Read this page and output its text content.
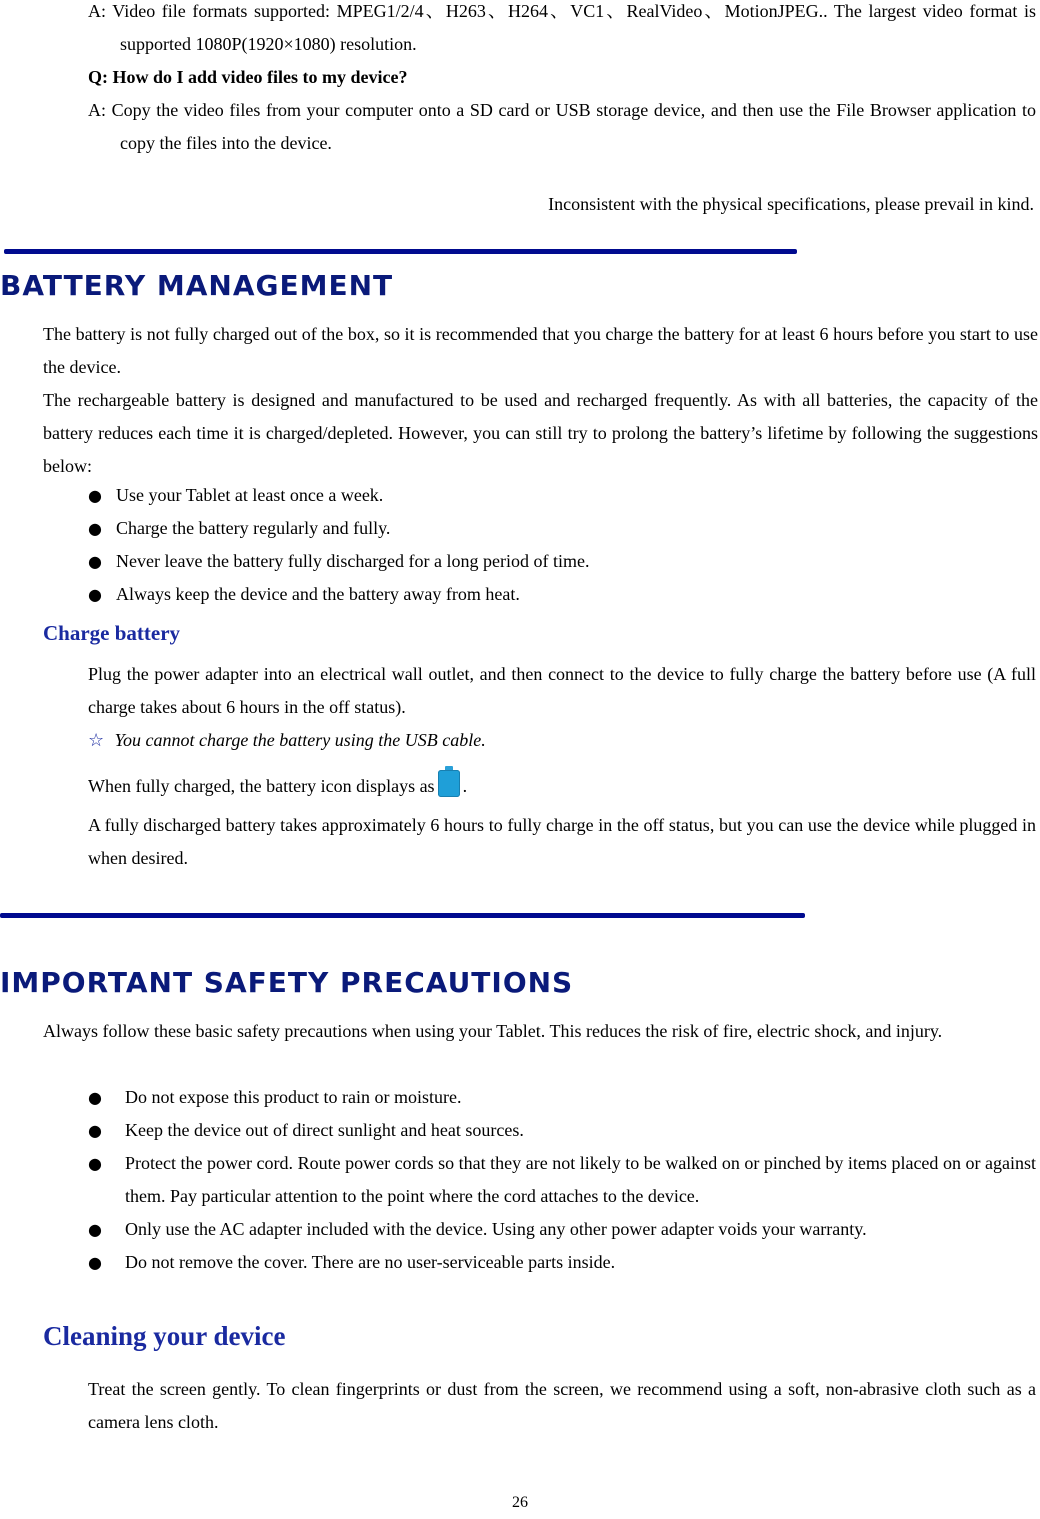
A: Video file formats supported: MPEG1/2/4、H263、H264、VC1、RealVideo、MotionJPEG.. The largest video format is supported 1080P(1920×1080) resolution.

Q: How do I add video files to my device?

A: Copy the video files from your computer onto a SD card or USB storage device, and then use the File Browser application to copy the files into the device.

Inconsistent with the physical specifications, please prevail in kind.
BATTERY MANAGEMENT

The battery is not fully charged out of the box, so it is recommended that you charge the battery for at least 6 hours before you start to use the device.

The rechargeable battery is designed and manufactured to be used and recharged frequently. As with all batteries, the capacity of the battery reduces each time it is charged/depleted. However, you can still try to prolong the battery’s lifetime by following the suggestions below:

● Use your Tablet at least once a week.
● Charge the battery regularly and fully.
● Never leave the battery fully discharged for a long period of time.
● Always keep the device and the battery away from heat.
Charge battery

Plug the power adapter into an electrical wall outlet, and then connect to the device to fully charge the battery before use (A full charge takes about 6 hours in the off status).

☆ You cannot charge the battery using the USB cable.

When fully charged, the battery icon displays as .

A fully discharged battery takes approximately 6 hours to fully charge in the off status, but you can use the device while plugged in when desired.

IMPORTANT SAFETY PRECAUTIONS
Always follow these basic safety precautions when using your Tablet. This reduces the risk of fire, electric shock, and injury.
● Do not expose this product to rain or moisture.
● Keep the device out of direct sunlight and heat sources.
● Protect the power cord. Route power cords so that they are not likely to be walked on or pinched by items placed on or against them. Pay particular attention to the point where the cord attaches to the device.
● Only use the AC adapter included with the device. Using any other power adapter voids your warranty.
● Do not remove the cover. There are no user-serviceable parts inside.
Cleaning your device
Treat the screen gently. To clean fingerprints or dust from the screen, we recommend using a soft, non-abrasive cloth such as a camera lens cloth.
26
